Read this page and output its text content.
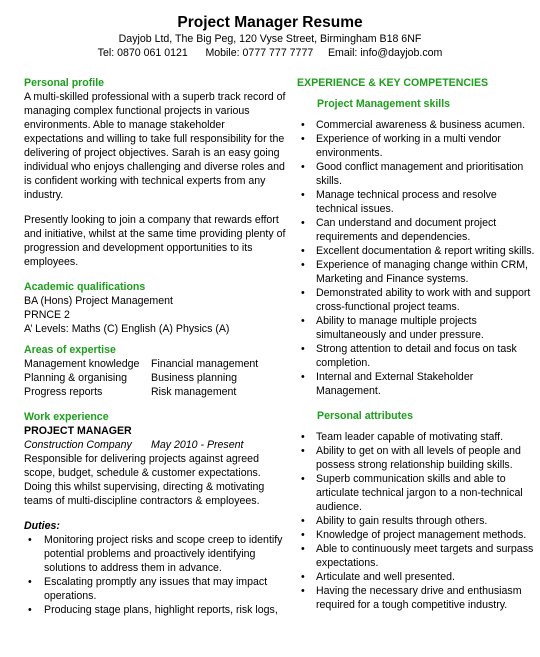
Project Manager Resume
Dayjob Ltd, The Big Peg, 120 Vyse Street, Birmingham B18 6NF
Tel: 0870 061 0121      Mobile: 0777 777 7777     Email: info@dayjob.com
Personal profile

A multi-skilled professional with a superb track record of managing complex functional projects in various environments. Able to manage stakeholder expectations and willing to take full responsibility for the delivering of project objectives. Sarah is an easy going individual who enjoys challenging and diverse roles and is confident working with technical experts from any industry.

Presently looking to join a company that rewards effort and initiative, whilst at the same time providing plenty of progression and development opportunities to its employees.

Academic qualifications
BA (Hons) Project Management
PRNCE 2
A’ Levels: Maths (C) English (A) Physics (A)
Areas of expertise
Management knowledge	Financial management
Planning & organising	Business planning
Progress reports	Risk management
Work experience
PROJECT MANAGER
Construction Company	May 2010 - Present

Responsible for delivering projects against agreed scope, budget, schedule & customer expectations.

Doing this whilst supervising, directing & motivating teams of multi-discipline contractors & employees.

Duties:
• Monitoring project risks and scope creep to identify potential problems and proactively identifying solutions to address them in advance.
• Escalating promptly any issues that may impact operations.
• Producing stage plans, highlight reports, risk logs,
EXPERIENCE & KEY COMPETENCIES
Project Management skills
• Commercial awareness & business acumen.
• Experience of working in a multi vendor environments.
• Good conflict management and prioritisation skills.
• Manage technical process and resolve technical issues.
• Can understand and document project requirements and dependencies.
• Excellent documentation & report writing skills.
• Experience of managing change within CRM, Marketing and Finance systems.
• Demonstrated ability to work with and support cross-functional project teams.
• Ability to manage multiple projects simultaneously and under pressure.
• Strong attention to detail and focus on task completion.
• Internal and External Stakeholder Management.
Personal attributes
• Team leader capable of motivating staff.
• Ability to get on with all levels of people and possess strong relationship building skills.
• Superb communication skills and able to articulate technical jargon to a non-technical audience.
• Ability to gain results through others.
• Knowledge of project management methods.
• Able to continuously meet targets and surpass expectations.
• Articulate and well presented.
• Having the necessary drive and enthusiasm required for a tough competitive industry.
